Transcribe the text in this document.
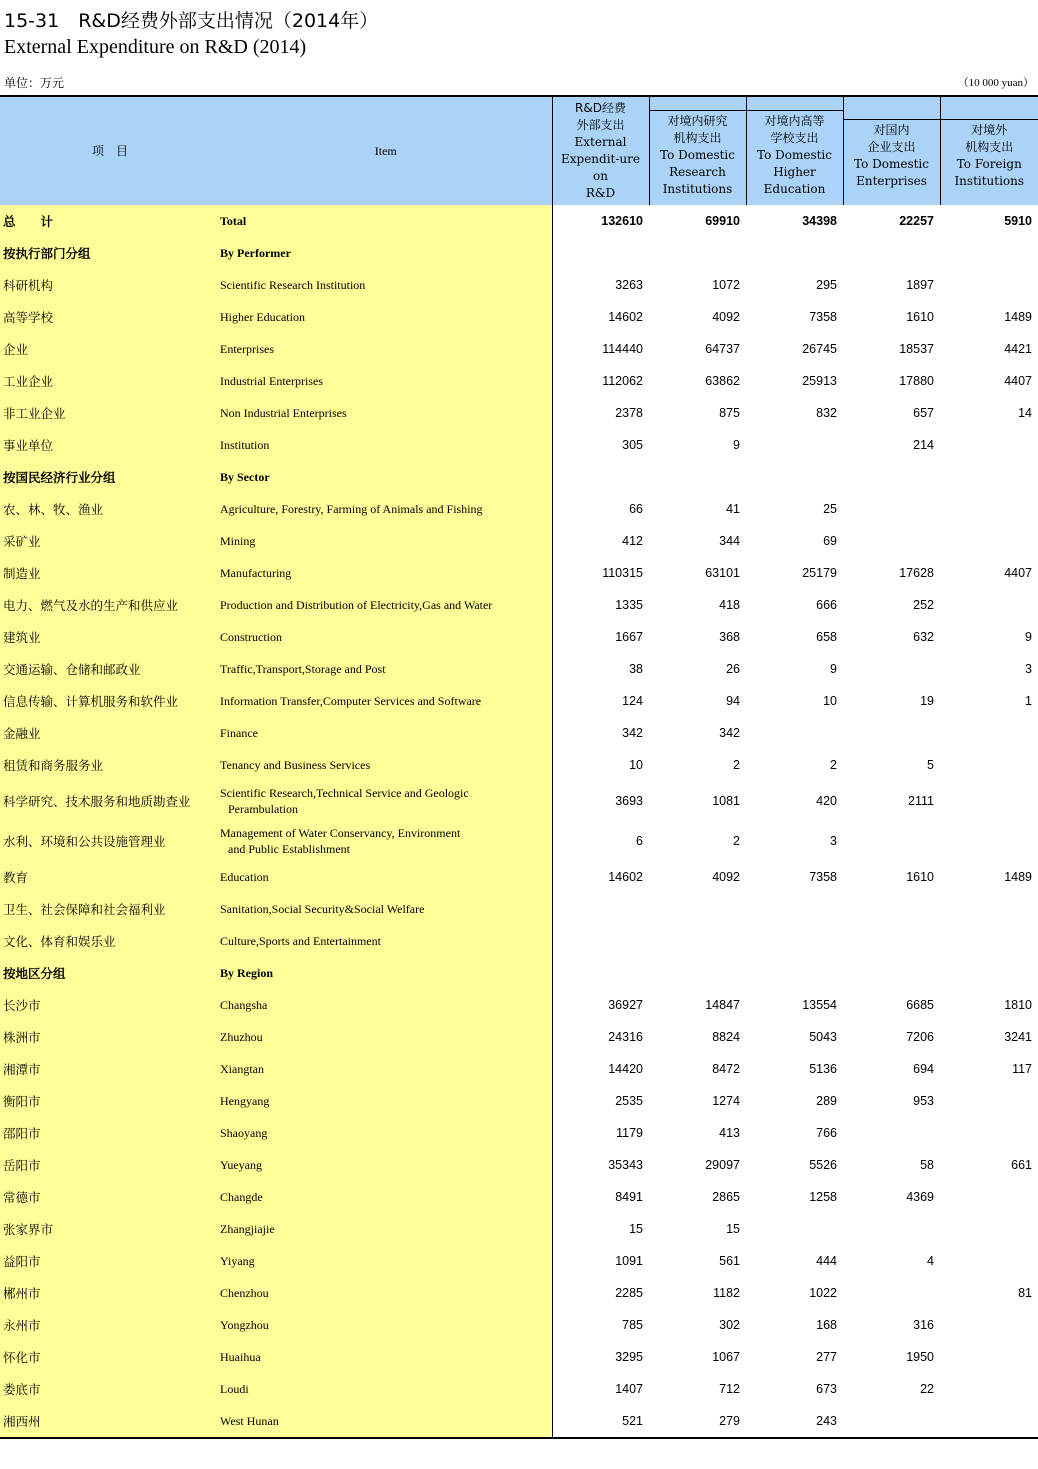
15-31　R&D经费外部支出情况（2014年）
External Expenditure on R&D (2014)
单位：万元	（10 000 yuan）
项　目	Item	R&D经费
外部支出
External
Expendit-ure on
R&D	对境内研究
机构支出
To Domestic
Research
Institutions	对境内高等
学校支出
To Domestic
Higher
Education	对国内
企业支出
To Domestic
Enterprises	对境外
机构支出
To Foreign
Institutions

总　　计	Total	132610	69910	34398	22257	5910
按执行部门分组	By Performer					

科研机构	Scientific Research Institution	3263	1072	295	1897	
高等学校	Higher Education	14602	4092	7358	1610	1489
企业	Enterprises	114440	64737	26745	18537	4421
工业企业	Industrial Enterprises	112062	63862	25913	17880	4407
非工业企业	Non Industrial Enterprises	2378	875	832	657	14
事业单位	Institution	305	9		214	
按国民经济行业分组	By Sector					

农、林、牧、渔业	Agriculture, Forestry, Farming of Animals and Fishing	66	41	25		
采矿业	Mining	412	344	69		
制造业	Manufacturing	110315	63101	25179	17628	4407
电力、燃气及水的生产和供应业	Production and Distribution of Electricity,Gas and Water	1335	418	666	252	
建筑业	Construction	1667	368	658	632	9
交通运输、仓储和邮政业	Traffic,Transport,Storage and Post	38	26	9		3
信息传输、计算机服务和软件业	Information Transfer,Computer Services and Software	124	94	10	19	1
金融业	Finance	342	342			
租赁和商务服务业	Tenancy and Business Services	10	2	2	5	
科学研究、技术服务和地质勘查业	Scientific Research,Technical Service and Geologic
Perambulation	3693	1081	420	2111	
水利、环境和公共设施管理业	Management of Water Conservancy, Environment
and Public Establishment	6	2	3		
教育	Education	14602	4092	7358	1610	1489
卫生、社会保障和社会福利业	Sanitation,Social Security&Social Welfare					

文化、体育和娱乐业	Culture,Sports and Entertainment					

按地区分组	By Region					

长沙市	Changsha	36927	14847	13554	6685	1810
株洲市	Zhuzhou	24316	8824	5043	7206	3241
湘潭市	Xiangtan	14420	8472	5136	694	117
衡阳市	Hengyang	2535	1274	289	953	
邵阳市	Shaoyang	1179	413	766		
岳阳市	Yueyang	35343	29097	5526	58	661
常德市	Changde	8491	2865	1258	4369	
张家界市	Zhangjiajie	15	15			
益阳市	Yiyang	1091	561	444	4	
郴州市	Chenzhou	2285	1182	1022		81
永州市	Yongzhou	785	302	168	316	
怀化市	Huaihua	3295	1067	277	1950	
娄底市	Loudi	1407	712	673	22	
湘西州	West Hunan	521	279	243		
